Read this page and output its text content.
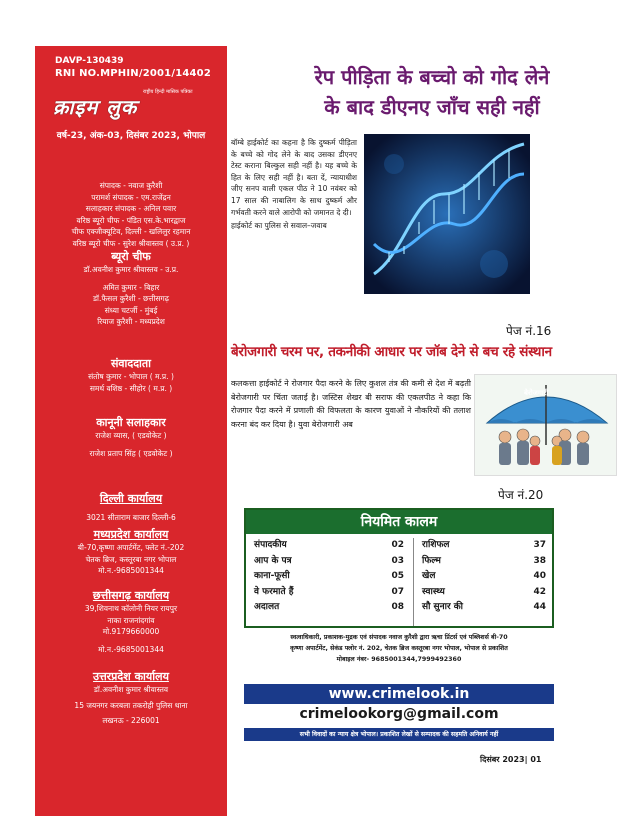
DAVP-130439
RNI NO.MPHIN/2001/14402
राष्ट्रीय हिन्दी मासिक पत्रिका
क्राइम लुक
वर्ष-23, अंक-03, दिसंबर 2023, भोपाल
संपादक - नवाज कुरैशी
परामर्श संपादक - एम.राजेंद्रन
सलाहकार संपादक - अनिल पवार
वरिष्ठ ब्यूरो चीफ - पंडित एस.के.भारद्वाज
चीफ एक्जीक्यूटिव, दिल्ली - खलिलुर रहमान
वरिष्ठ ब्यूरो चीफ - सुरेश श्रीवास्तव ( उ.प्र. )
ब्यूरो चीफ
डॉ.अवनीश कुमार श्रीवास्तव - उ.प्र.
अमित कुमार - बिहार
डॉ.फैसल कुरैशी - छत्तीसगढ़
संध्या चटर्जी - मुंबई
रियाज कुरैशी - मध्यप्रदेश
संवाददाता
संतोष कुमार - भोपाल ( म.प्र. )
समर्थ वशिष्ठ - सीहोर ( म.प्र. )
कानूनी सलाहकार
राजेश व्यास, ( एडवोकेट )
राजेश प्रताप सिंह ( एडवोकेट )
दिल्ली कार्यालय
3021 सीताराम बाजार दिल्ली-6
मध्यप्रदेश कार्यालय
बी-70,कृष्णा अपार्टमेंट, फ्लेट नं.-202
चेतक ब्रिज, कस्तूरबा नगर भोपाल
मो.न.-9685001344
छत्तीसगढ़ कार्यालय
39,शिवनाथ कॉलोनी नियर रायपुर
नाका राजनांदगांव
मो.9179660000
मो.न.-9685001344
उत्तरप्रदेश कार्यालय
डॉ.अवनीश कुमार श्रीवास्तव
15 जयनगर करबला तकरोही पुलिस थाना
लखनऊ - 226001
रेप पीड़िता के बच्चो को गोद लेने
के बाद डीएनए जाँच सही नहीं
बॉम्बे हाईकोर्ट का कहना है कि दुष्कर्म पीड़िता के बच्चे को गोद लेने के बाद उसका डीएनए टेस्ट कराना बिल्कुल सही नहीं है। यह बच्चे के हित के लिए सही नहीं है। बता दें, न्यायाधीश जीए सनप वाली एकल पीठ ने 10 नवंबर को 17 साल की नाबालिग के साथ दुष्कर्म और गर्भवती करने वाले आरोपी को जमानत दे दी।
हाईकोर्ट का पुलिस से सवाल–जवाब
पेज नं.16
बेरोजगारी चरम पर, तकनीकी आधार पर जॉब देने से बच रहे संस्थान
कलकत्ता हाईकोर्ट ने रोजगार पैदा करने के लिए कुशल तंत्र की कमी से देश में बढ़ती बेरोजगारी पर चिंता जताई है। जस्टिस शेखर बी सराफ की एकलपीठ ने कहा कि रोजगार पैदा करने में प्रणाली की विफलता के कारण युवाओं ने नौकरियों की तलाश करना बंद कर दिया है। युवा बेरोजगारी अब
बेरोजगारी
पेज नं.20
नियमित कालम
संपादकीय	02
आप के पत्र	03
काना-फूसी	05
वे फरमाते हैं	07
अदालत	08
राशिफल	37
फिल्म	38
खेल	40
स्वास्थ्य	42
सौ सुनार की	44
स्वत्वाधिकारी, प्रकाशक-मुद्रक एवं संपादक नवाज कुरैशी द्वारा ऋचा प्रिंटर्स एवं पब्लिशर्स बी-70
कृष्णा अपार्टमेंट, सेकंड फ्लोर नं. 202, चेतक ब्रिज कस्तूरबा नगर भोपाल, भोपाल से प्रकाशित
मोबाइल नंबर- 9685001344,7999492360
www.crimelook.in
crimelookorg@gmail.com
सभी विवादों का न्याय क्षेत्र भोपाल। प्रकाशित लेखों से सम्पादक की सहमति अनिवार्य नहीं
दिसंबर 2023| 01
